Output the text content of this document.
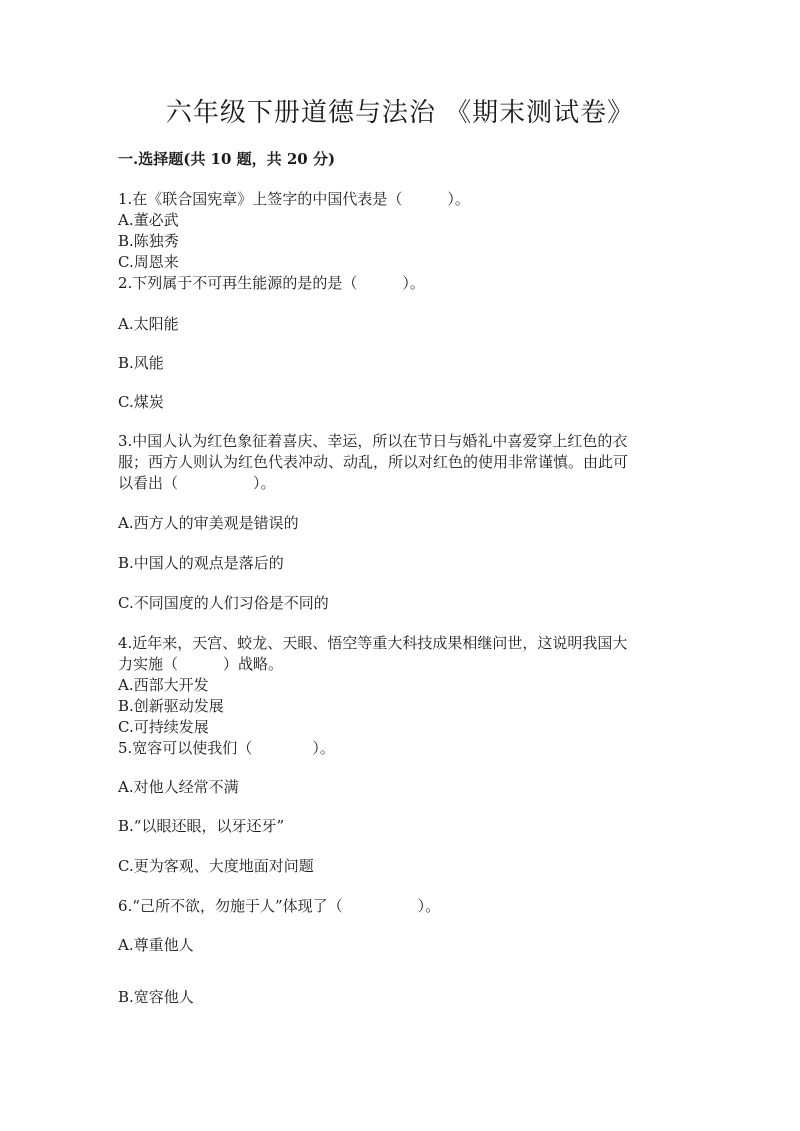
六年级下册道德与法治 《期末测试卷》
一.选择题(共 10 题，共 20 分)
1.在《联合国宪章》上签字的中国代表是（　　　）。
A.董必武
B.陈独秀
C.周恩来
2.下列属于不可再生能源的是的是（　　　）。
A.太阳能
B.风能
C.煤炭
3.中国人认为红色象征着喜庆、幸运，所以在节日与婚礼中喜爱穿上红色的衣
服；西方人则认为红色代表冲动、动乱，所以对红色的使用非常谨慎。由此可
以看出（　　　　　）。
A.西方人的审美观是错误的
B.中国人的观点是落后的
C.不同国度的人们习俗是不同的
4.近年来，天宫、蛟龙、天眼、悟空等重大科技成果相继问世，这说明我国大
力实施（　　　）战略。
A.西部大开发
B.创新驱动发展
C.可持续发展
5.宽容可以使我们（　　　　）。
A.对他人经常不满
B.“以眼还眼，以牙还牙”
C.更为客观、大度地面对问题
6.“己所不欲，勿施于人”体现了（　　　　　）。
A.尊重他人
B.宽容他人
